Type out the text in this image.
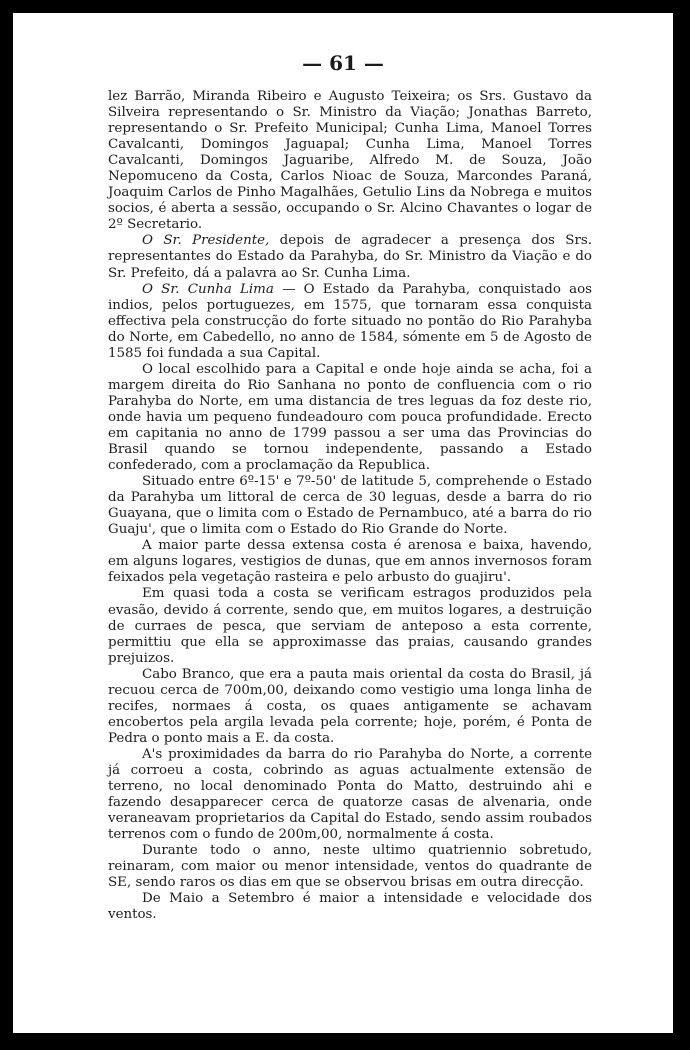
— 61 —

lez Barrão, Miranda Ribeiro e Augusto Teixeira; os Srs. Gustavo da Silveira representando o Sr. Ministro da Viação; Jonathas Barreto, representando o Sr. Prefeito Municipal; Cunha Lima, Manoel Torres Cavalcanti, Domingos Jaguapal; Cunha Lima, Manoel Torres Cavalcanti, Domingos Jaguaribe, Alfredo M. de Souza, João Nepomuceno da Costa, Carlos Nioac de Souza, Marcondes Paraná, Joaquim Carlos de Pinho Magalhães, Getulio Lins da Nobrega e muitos socios, é aberta a sessão, occupando o Sr. Alcino Chavantes o logar de 2º Secretario.

O Sr. Presidente, depois de agradecer a presença dos Srs. representantes do Estado da Parahyba, do Sr. Ministro da Viação e do Sr. Prefeito, dá a palavra ao Sr. Cunha Lima.

O Sr. Cunha Lima — O Estado da Parahyba, conquistado aos indios, pelos portuguezes, em 1575, que tornaram essa conquista effectiva pela construcção do forte situado no pontão do Rio Parahyba do Norte, em Cabedello, no anno de 1584, sómente em 5 de Agosto de 1585 foi fundada a sua Capital.

O local escolhido para a Capital e onde hoje ainda se acha, foi a margem direita do Rio Sanhana no ponto de confluencia com o rio Parahyba do Norte, em uma distancia de tres leguas da foz deste rio, onde havia um pequeno fundeadouro com pouca profundidade. Erecto em capitania no anno de 1799 passou a ser uma das Provincias do Brasil quando se tornou independente, passando a Estado confederado, com a proclamação da Republica.

Situado entre 6º-15' e 7º-50' de latitude 5, comprehende o Estado da Parahyba um littoral de cerca de 30 leguas, desde a barra do rio Guayana, que o limita com o Estado de Pernambuco, até a barra do rio Guaju', que o limita com o Estado do Rio Grande do Norte.

A maior parte dessa extensa costa é arenosa e baixa, havendo, em alguns logares, vestigios de dunas, que em annos invernosos foram feixados pela vegetação rasteira e pelo arbusto do guajiru'.

Em quasi toda a costa se verificam estragos produzidos pela evasão, devido á corrente, sendo que, em muitos logares, a destruição de curraes de pesca, que serviam de anteposo a esta corrente, permittiu que ella se approximasse das praias, causando grandes prejuizos.

Cabo Branco, que era a pauta mais oriental da costa do Brasil, já recuou cerca de 700m,00, deixando como vestigio uma longa linha de recifes, normaes á costa, os quaes antigamente se achavam encobertos pela argila levada pela corrente; hoje, porém, é Ponta de Pedra o ponto mais a E. da costa.

A's proximidades da barra do rio Parahyba do Norte, a corrente já corroeu a costa, cobrindo as aguas actualmente extensão de terreno, no local denominado Ponta do Matto, destruindo ahi e fazendo desapparecer cerca de quatorze casas de alvenaria, onde veraneavam proprietarios da Capital do Estado, sendo assim roubados terrenos com o fundo de 200m,00, normalmente á costa.

Durante todo o anno, neste ultimo quatriennio sobretudo, reinaram, com maior ou menor intensidade, ventos do quadrante de SE, sendo raros os dias em que se observou brisas em outra direcção.

De Maio a Setembro é maior a intensidade e velocidade dos ventos.
